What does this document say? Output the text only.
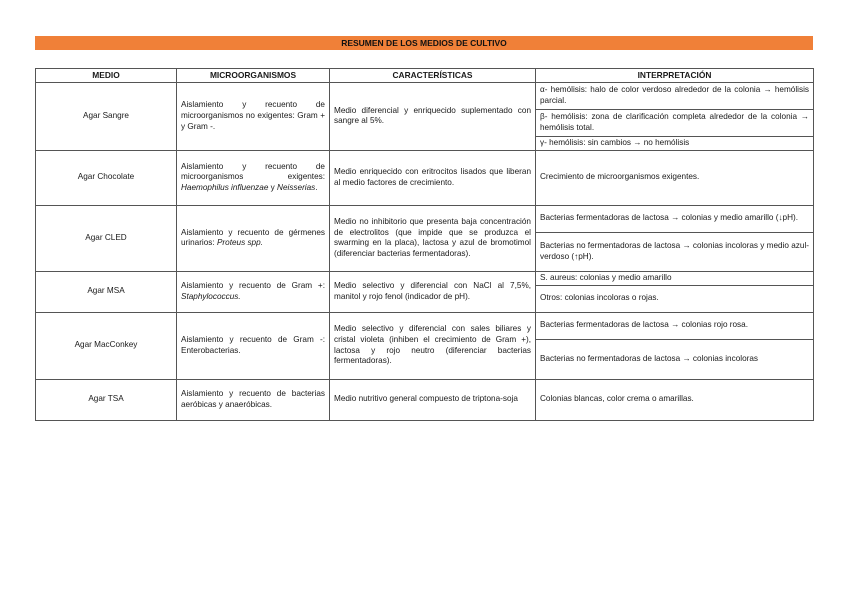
RESUMEN DE LOS MEDIOS DE CULTIVO
MEDIO	MICROORGANISMOS	CARACTERÍSTICAS	INTERPRETACIÓN
Agar Sangre	Aislamiento y recuento de microorganismos no exigentes: Gram + y Gram -.	Medio diferencial y enriquecido suplementado con sangre al 5%.	α- hemólisis: halo de color verdoso alrededor de la colonia → hemólisis parcial.
			β- hemólisis: zona de clarificación completa alrededor de la colonia → hemólisis total.
			γ- hemólisis: sin cambios → no hemólisis
Agar Chocolate	Aislamiento y recuento de microorganismos exigentes: Haemophilus influenzae y Neisserias.	Medio enriquecido con eritrocitos lisados que liberan al medio factores de crecimiento.	Crecimiento de microorganismos exigentes.
Agar CLED	Aislamiento y recuento de gérmenes urinarios: Proteus spp.	Medio no inhibitorio que presenta baja concentración de electrolitos (que impide que se produzca el swarming en la placa), lactosa y azul de bromotimol (diferenciar bacterias fermentadoras).	Bacterias fermentadoras de lactosa → colonias y medio amarillo (↓pH).
			Bacterias no fermentadoras de lactosa → colonias incoloras y medio azul-verdoso (↑pH).
Agar MSA	Aislamiento y recuento de Gram +: Staphylococcus.	Medio selectivo y diferencial con NaCl al 7,5%, manitol y rojo fenol (indicador de pH).	S. aureus: colonias y medio amarillo
			Otros: colonias incoloras o rojas.
Agar MacConkey	Aislamiento y recuento de Gram -: Enterobacterias.	Medio selectivo y diferencial con sales biliares y cristal violeta (inhiben el crecimiento de Gram +), lactosa y rojo neutro (diferenciar bacterias fermentadoras).	Bacterias fermentadoras de lactosa → colonias rojo rosa.
			Bacterias no fermentadoras de lactosa → colonias incoloras
Agar TSA	Aislamiento y recuento de bacterias aeróbicas y anaeróbicas.	Medio nutritivo general compuesto de triptona-soja	Colonias blancas, color crema o amarillas.
